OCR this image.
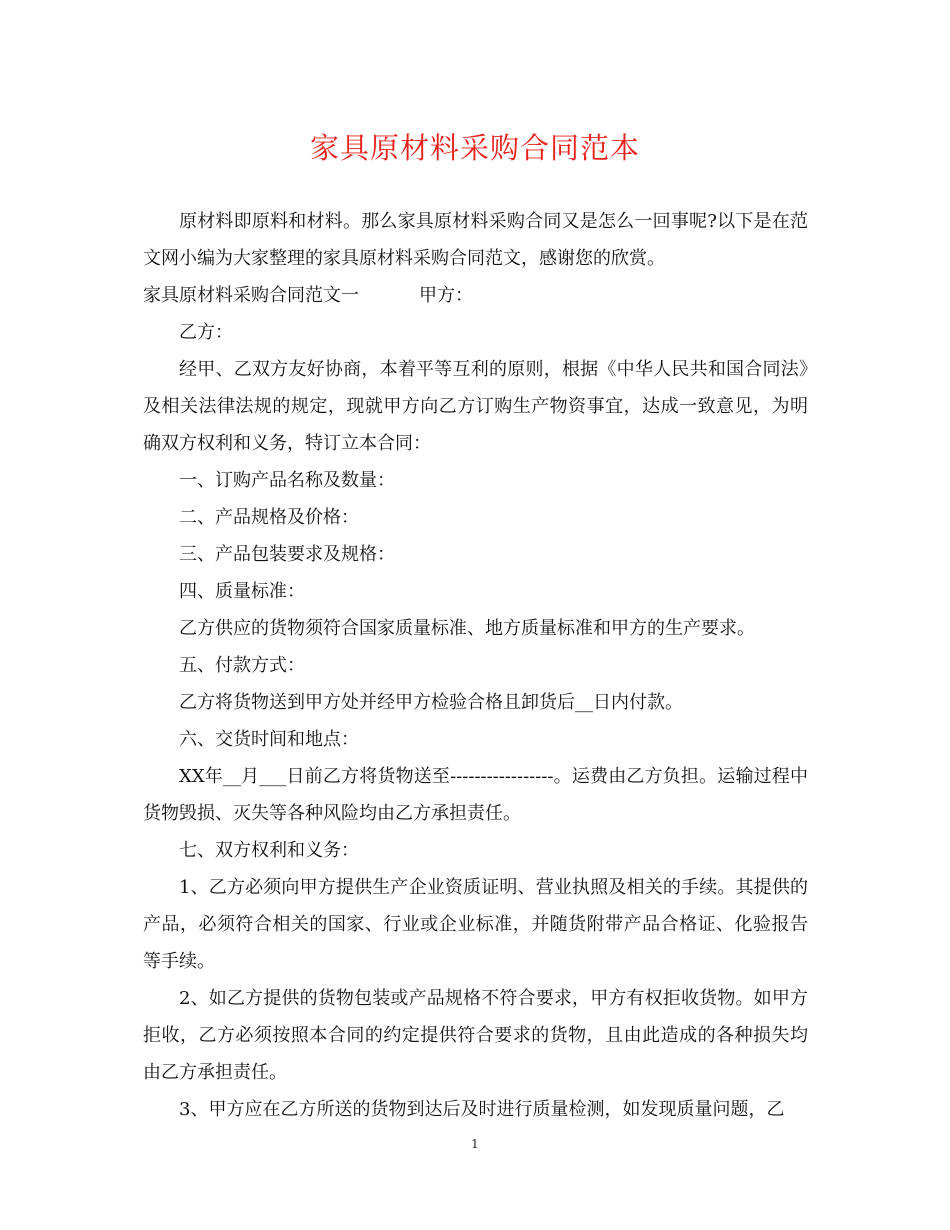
家具原材料采购合同范本

原材料即原料和材料。那么家具原材料采购合同又是怎么一回事呢?以下是在范文网小编为大家整理的家具原材料采购合同范文，感谢您的欣赏。

家具原材料采购合同范文一	甲方：

乙方：

经甲、乙双方友好协商，本着平等互利的原则，根据《中华人民共和国合同法》及相关法律法规的规定，现就甲方向乙方订购生产物资事宜，达成一致意见，为明确双方权利和义务，特订立本合同：

一、订购产品名称及数量：

二、产品规格及价格：

三、产品包装要求及规格：

四、质量标准：

乙方供应的货物须符合国家质量标准、地方质量标准和甲方的生产要求。

五、付款方式：

乙方将货物送到甲方处并经甲方检验合格且卸货后__日内付款。

六、交货时间和地点：

XX年__月___日前乙方将货物送至-----------------。运费由乙方负担。运输过程中货物毁损、灭失等各种风险均由乙方承担责任。

七、双方权利和义务：

1、乙方必须向甲方提供生产企业资质证明、营业执照及相关的手续。其提供的产品，必须符合相关的国家、行业或企业标准，并随货附带产品合格证、化验报告等手续。

2、如乙方提供的货物包装或产品规格不符合要求，甲方有权拒收货物。如甲方拒收，乙方必须按照本合同的约定提供符合要求的货物，且由此造成的各种损失均由乙方承担责任。

3、甲方应在乙方所送的货物到达后及时进行质量检测，如发现质量问题，乙

1
